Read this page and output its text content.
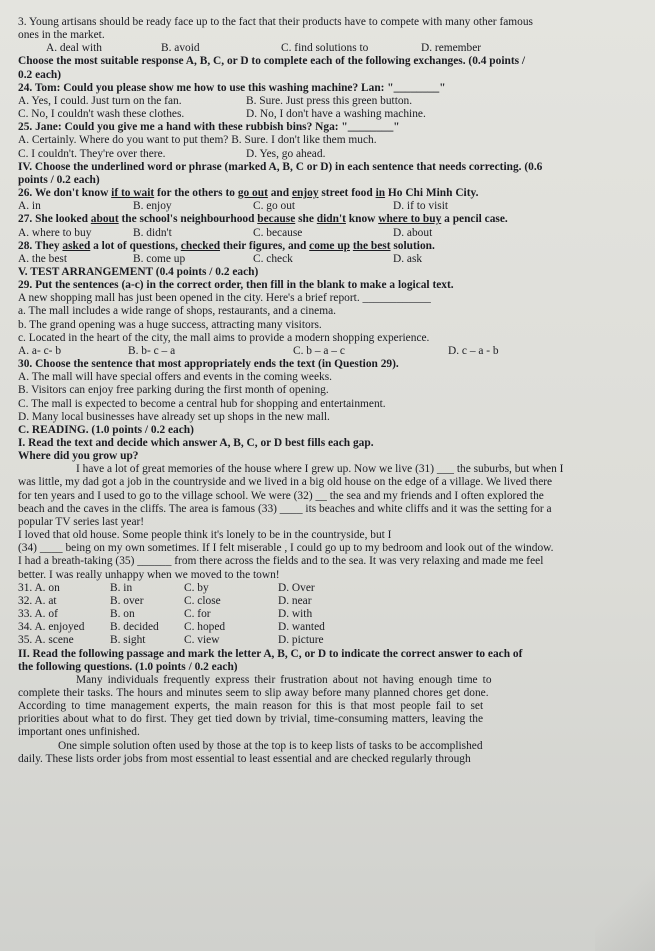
3. Young artisans should be ready face up to the fact that their products have to compete with many other famous
ones in the market.
A. deal with	B. avoid	C. find solutions to	D. remember
Choose the most suitable response A, B, C, or D to complete each of the following exchanges. (0.4 points /
0.2 each)
24. Tom: Could you please show me how to use this washing machine? Lan: "________"
A. Yes, I could. Just turn on the fan.	B. Sure. Just press this green button.
C. No, I couldn't wash these clothes.	D. No, I don't have a washing machine.
25. Jane: Could you give me a hand with these rubbish bins? Nga: "________"
A. Certainly. Where do you want to put them? B. Sure. I don't like them much.
C. I couldn't. They're over there.	D. Yes, go ahead.
IV. Choose the underlined word or phrase (marked A, B, C or D) in each sentence that needs correcting. (0.6
points / 0.2 each)
26. We don't know if to wait for the others to go out and enjoy street food in Ho Chi Minh City.
A. in	B. enjoy	C. go out	D. if to visit
27. She looked about the school's neighbourhood because she didn't know where to buy a pencil case.
A. where to buy	B. didn't	C. because	D. about
28. They asked a lot of questions, checked their figures, and come up the best solution.
A. the best	B. come up	C. check	D. ask
V. TEST ARRANGEMENT (0.4 points / 0.2 each)
29. Put the sentences (a-c) in the correct order, then fill in the blank to make a logical text.
A new shopping mall has just been opened in the city. Here's a brief report. ____________
a. The mall includes a wide range of shops, restaurants, and a cinema.
b. The grand opening was a huge success, attracting many visitors.
c. Located in the heart of the city, the mall aims to provide a modern shopping experience.
A. a- c- b	B. b- c – a	C. b – a – c	D. c – a - b
30. Choose the sentence that most appropriately ends the text (in Question 29).
A. The mall will have special offers and events in the coming weeks.
B. Visitors can enjoy free parking during the first month of opening.
C. The mall is expected to become a central hub for shopping and entertainment.
D. Many local businesses have already set up shops in the new mall.
C. READING. (1.0 points / 0.2 each)
I. Read the text and decide which answer A, B, C, or D best fills each gap.
Where did you grow up?
I have a lot of great memories of the house where I grew up. Now we live (31) ___ the suburbs, but when I
was little, my dad got a job in the countryside and we lived in a big old house on the edge of a village. We lived there
for ten years and I used to go to the village school. We were (32) __ the sea and my friends and I often explored the
beach and the caves in the cliffs. The area is famous (33) ____ its beaches and white cliffs and it was the setting for a
popular TV series last year!
I loved that old house. Some people think it's lonely to be in the countryside, but I
(34) ____ being on my own sometimes. If I felt miserable , I could go up to my bedroom and look out of the window.
I had a breath-taking (35) ______ from there across the fields and to the sea. It was very relaxing and made me feel
better. I was really unhappy when we moved to the town!
31. A. on	B. in	C. by	D. Over
32. A. at	B. over	C. close	D. near
33. A. of	B. on	C. for	D. with
34. A. enjoyed	B. decided	C. hoped	D. wanted
35. A. scene	B. sight	C. view	D. picture
II. Read the following passage and mark the letter A, B, C, or D to indicate the correct answer to each of
the following questions. (1.0 points / 0.2 each)
Many individuals frequently express their frustration about not having enough time to
complete their tasks. The hours and minutes seem to slip away before many planned chores get done.
According to time management experts, the main reason for this is that most people fail to set
priorities about what to do first. They get tied down by trivial, time-consuming matters, leaving the
important ones unfinished.
One simple solution often used by those at the top is to keep lists of tasks to be accomplished
daily. These lists order jobs from most essential to least essential and are checked regularly through
